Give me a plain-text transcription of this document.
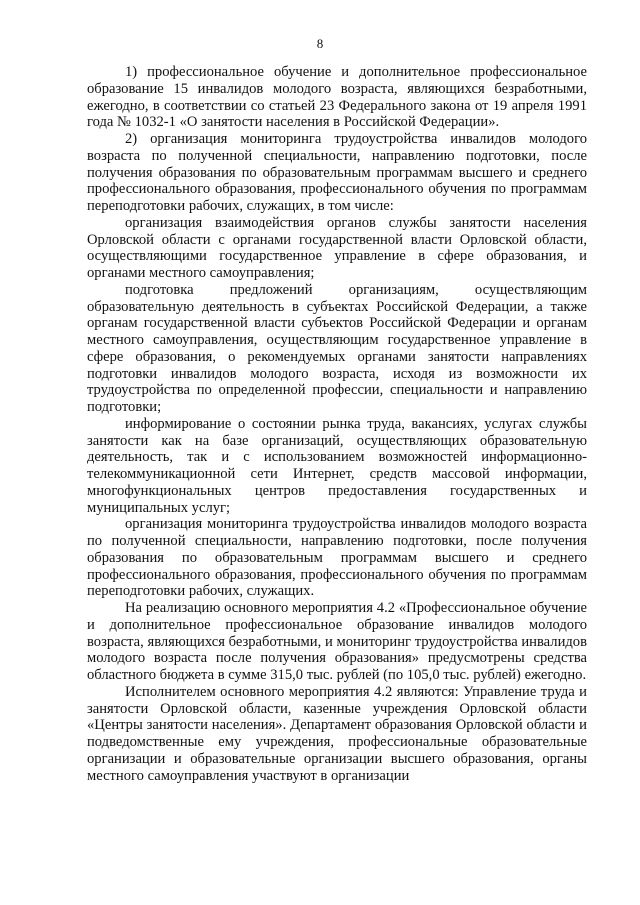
8

1) профессиональное обучение и дополнительное профессиональное образование 15 инвалидов молодого возраста, являющихся безработными, ежегодно, в соответствии со статьей 23 Федерального закона от 19 апреля 1991 года № 1032-1 «О занятости населения в Российской Федерации».

2) организация мониторинга трудоустройства инвалидов молодого возраста по полученной специальности, направлению подготовки, после получения образования по образовательным программам высшего и среднего профессионального образования, профессионального обучения по программам переподготовки рабочих, служащих, в том числе:

организация взаимодействия органов службы занятости населения Орловской области с органами государственной власти Орловской области, осуществляющими государственное управление в сфере образования, и органами местного самоуправления;

подготовка предложений организациям, осуществляющим образовательную деятельность в субъектах Российской Федерации, а также органам государственной власти субъектов Российской Федерации и органам местного самоуправления, осуществляющим государственное управление в сфере образования, о рекомендуемых органами занятости направлениях подготовки инвалидов молодого возраста, исходя из возможности их трудоустройства по определенной профессии, специальности и направлению подготовки;

информирование о состоянии рынка труда, вакансиях, услугах службы занятости как на базе организаций, осуществляющих образовательную деятельность, так и с использованием возможностей информационно-телекоммуникационной сети Интернет, средств массовой информации, многофункциональных центров предоставления государственных и муниципальных услуг;

организация мониторинга трудоустройства инвалидов молодого возраста по полученной специальности, направлению подготовки, после получения образования по образовательным программам высшего и среднего профессионального образования, профессионального обучения по программам переподготовки рабочих, служащих.

На реализацию основного мероприятия 4.2 «Профессиональное обучение и дополнительное профессиональное образование инвалидов молодого возраста, являющихся безработными, и мониторинг трудоустройства инвалидов молодого возраста после получения образования» предусмотрены средства областного бюджета в сумме 315,0 тыс. рублей (по 105,0 тыс. рублей) ежегодно.

Исполнителем основного мероприятия 4.2 являются: Управление труда и занятости Орловской области, казенные учреждения Орловской области «Центры занятости населения». Департамент образования Орловской области и подведомственные ему учреждения, профессиональные образовательные организации и образовательные организации высшего образования, органы местного самоуправления участвуют в организации
